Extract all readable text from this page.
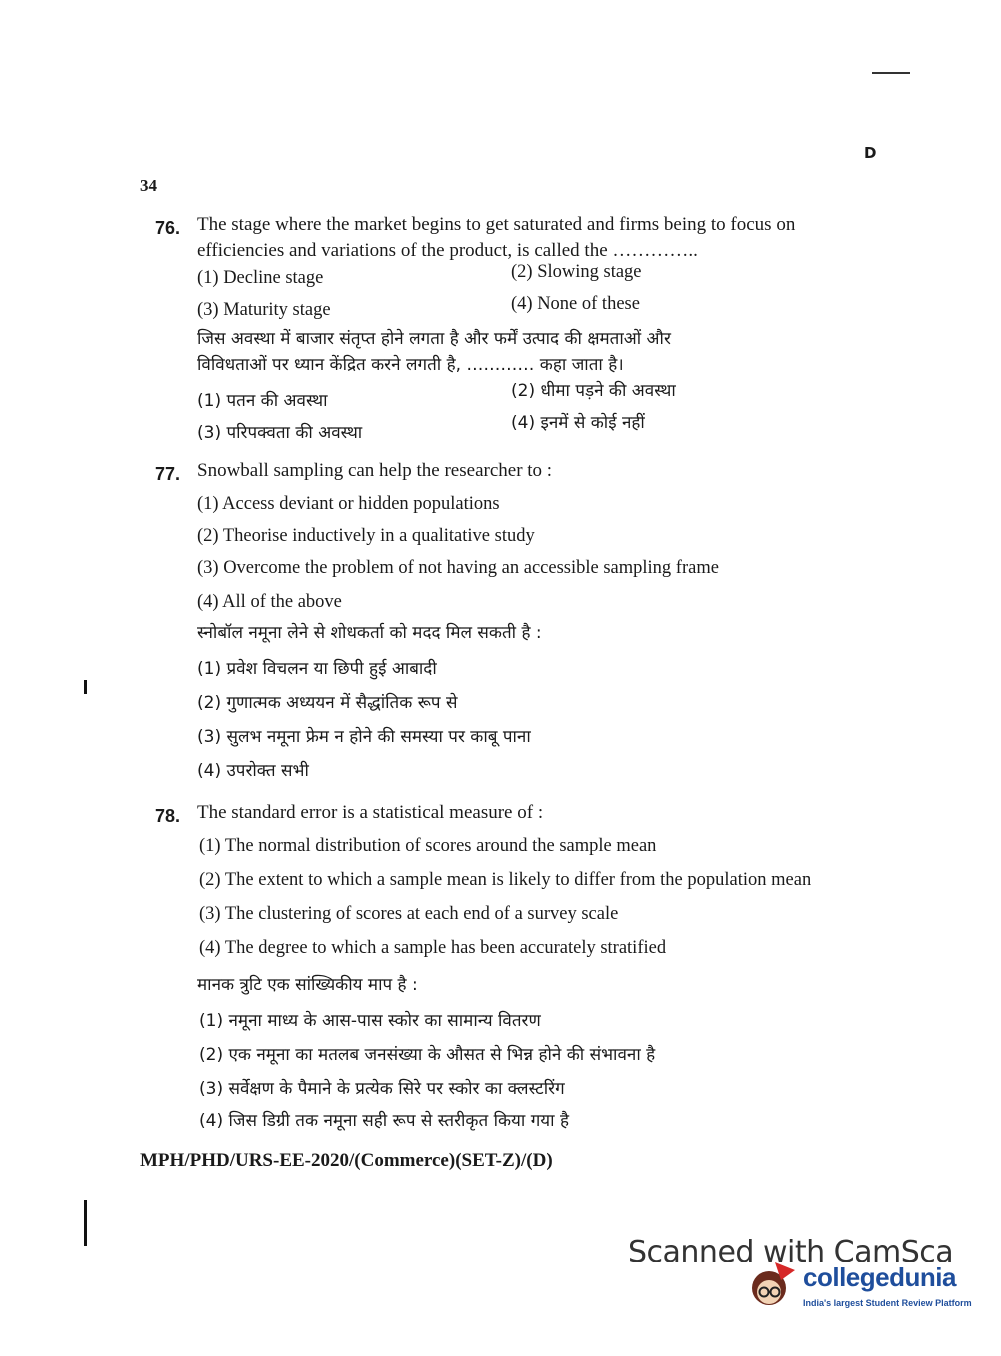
D
34
76. The stage where the market begins to get saturated and firms being to focus on
efficiencies and variations of the product, is called the …………..
(1) Decline stage	(2) Slowing stage
(3) Maturity stage	(4) None of these
जिस अवस्था में बाजार संतृप्त होने लगता है और फर्में उत्पाद की क्षमताओं और
विविधताओं पर ध्यान केंद्रित करने लगती है, ………… कहा जाता है।
(1) पतन की अवस्था	(2) धीमा पड़ने की अवस्था
(3) परिपक्वता की अवस्था	(4) इनमें से कोई नहीं
77. Snowball sampling can help the researcher to :
(1) Access deviant or hidden populations
(2) Theorise inductively in a qualitative study
(3) Overcome the problem of not having an accessible sampling frame
(4) All of the above
स्नोबॉल नमूना लेने से शोधकर्ता को मदद मिल सकती है :
(1) प्रवेश विचलन या छिपी हुई आबादी
(2) गुणात्मक अध्ययन में सैद्धांतिक रूप से
(3) सुलभ नमूना फ्रेम न होने की समस्या पर काबू पाना
(4) उपरोक्त सभी
78. The standard error is a statistical measure of :
(1) The normal distribution of scores around the sample mean
(2) The extent to which a sample mean is likely to differ from the population mean
(3) The clustering of scores at each end of a survey scale
(4) The degree to which a sample has been accurately stratified
मानक त्रुटि एक सांख्यिकीय माप है :
(1) नमूना माध्य के आस-पास स्कोर का सामान्य वितरण
(2) एक नमूना का मतलब जनसंख्या के औसत से भिन्न होने की संभावना है
(3) सर्वेक्षण के पैमाने के प्रत्येक सिरे पर स्कोर का क्लस्टरिंग
(4) जिस डिग्री तक नमूना सही रूप से स्तरीकृत किया गया है
MPH/PHD/URS-EE-2020/(Commerce)(SET-Z)/(D)
Scanned with CamSca
collegedunia
India's largest Student Review Platform
